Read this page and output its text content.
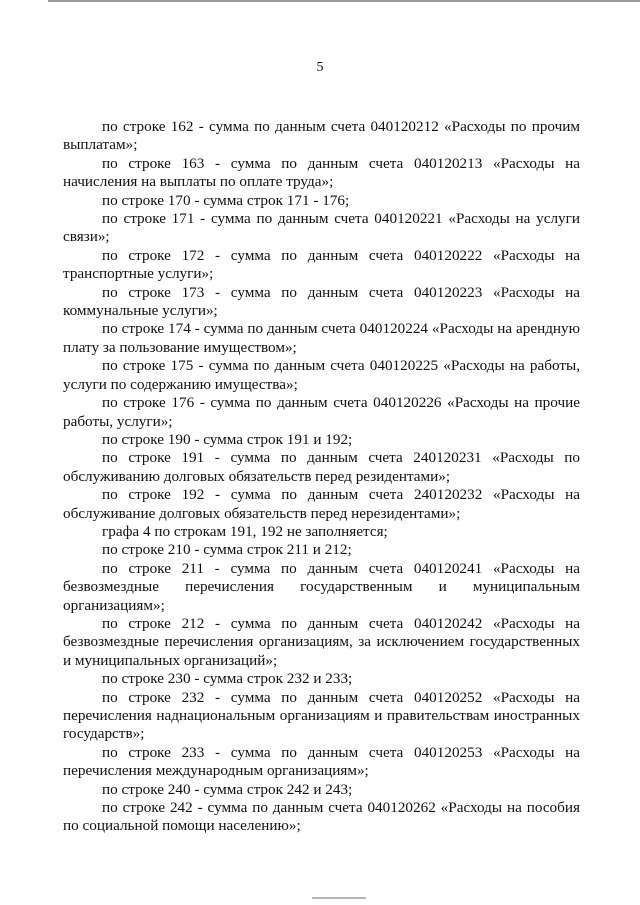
5

по строке 162 - сумма по данным счета 040120212 «Расходы по прочим выплатам»;

по строке 163 - сумма по данным счета 040120213 «Расходы на начисления на выплаты по оплате труда»;

по строке 170 - сумма строк 171 - 176;

по строке 171 - сумма по данным счета 040120221 «Расходы на услуги связи»;

по строке 172 - сумма по данным счета 040120222 «Расходы на транспортные услуги»;

по строке 173 - сумма по данным счета 040120223 «Расходы на коммунальные услуги»;

по строке 174 - сумма по данным счета 040120224 «Расходы на арендную плату за пользование имуществом»;

по строке 175 - сумма по данным счета 040120225 «Расходы на работы, услуги по содержанию имущества»;

по строке 176 - сумма по данным счета 040120226 «Расходы на прочие работы, услуги»;

по строке 190 - сумма строк 191 и 192;

по строке 191 - сумма по данным счета 240120231 «Расходы по обслуживанию долговых обязательств перед резидентами»;

по строке 192 - сумма по данным счета 240120232 «Расходы на обслуживание долговых обязательств перед нерезидентами»;

графа 4 по строкам 191, 192 не заполняется;

по строке 210 - сумма строк 211 и 212;

по строке 211 - сумма по данным счета 040120241 «Расходы на безвозмездные перечисления государственным и муниципальным организациям»;

по строке 212 - сумма по данным счета 040120242 «Расходы на безвозмездные перечисления организациям, за исключением государственных и муниципальных организаций»;

по строке 230 - сумма строк 232 и 233;

по строке 232 - сумма по данным счета 040120252 «Расходы на перечисления наднациональным организациям и правительствам иностранных государств»;

по строке 233 - сумма по данным счета 040120253 «Расходы на перечисления международным организациям»;

по строке 240 - сумма строк 242 и 243;

по строке 242 - сумма по данным счета 040120262 «Расходы на пособия по социальной помощи населению»;
